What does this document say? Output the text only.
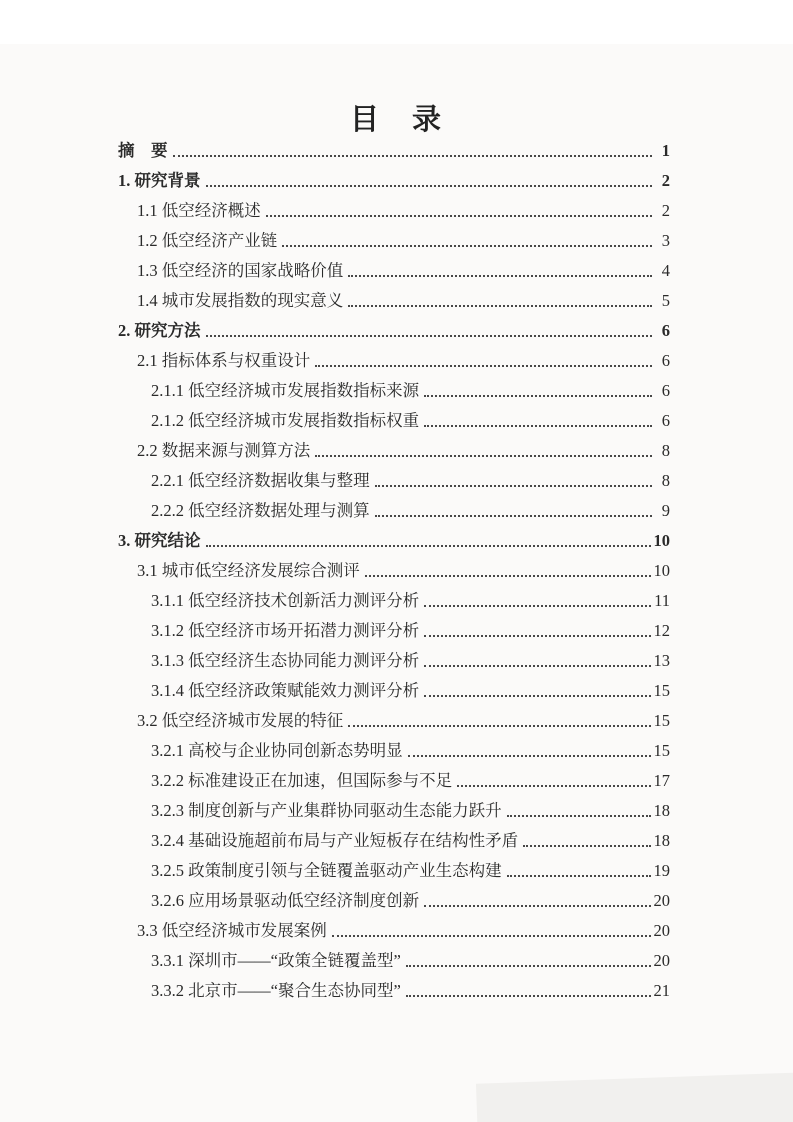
目　录
摘　要	1
1. 研究背景	2
1.1 低空经济概述	2
1.2 低空经济产业链	3
1.3 低空经济的国家战略价值	4
1.4 城市发展指数的现实意义	5
2. 研究方法	6
2.1 指标体系与权重设计	6
2.1.1 低空经济城市发展指数指标来源	6
2.1.2 低空经济城市发展指数指标权重	6
2.2 数据来源与测算方法	8
2.2.1 低空经济数据收集与整理	8
2.2.2 低空经济数据处理与测算	9
3. 研究结论	10
3.1 城市低空经济发展综合测评	10
3.1.1 低空经济技术创新活力测评分析	11
3.1.2 低空经济市场开拓潜力测评分析	12
3.1.3 低空经济生态协同能力测评分析	13
3.1.4 低空经济政策赋能效力测评分析	15
3.2 低空经济城市发展的特征	15
3.2.1 高校与企业协同创新态势明显	15
3.2.2 标准建设正在加速，但国际参与不足	17
3.2.3 制度创新与产业集群协同驱动生态能力跃升	18
3.2.4 基础设施超前布局与产业短板存在结构性矛盾	18
3.2.5 政策制度引领与全链覆盖驱动产业生态构建	19
3.2.6 应用场景驱动低空经济制度创新	20
3.3 低空经济城市发展案例	20
3.3.1 深圳市——“政策全链覆盖型”	20
3.3.2 北京市——“聚合生态协同型”	21
